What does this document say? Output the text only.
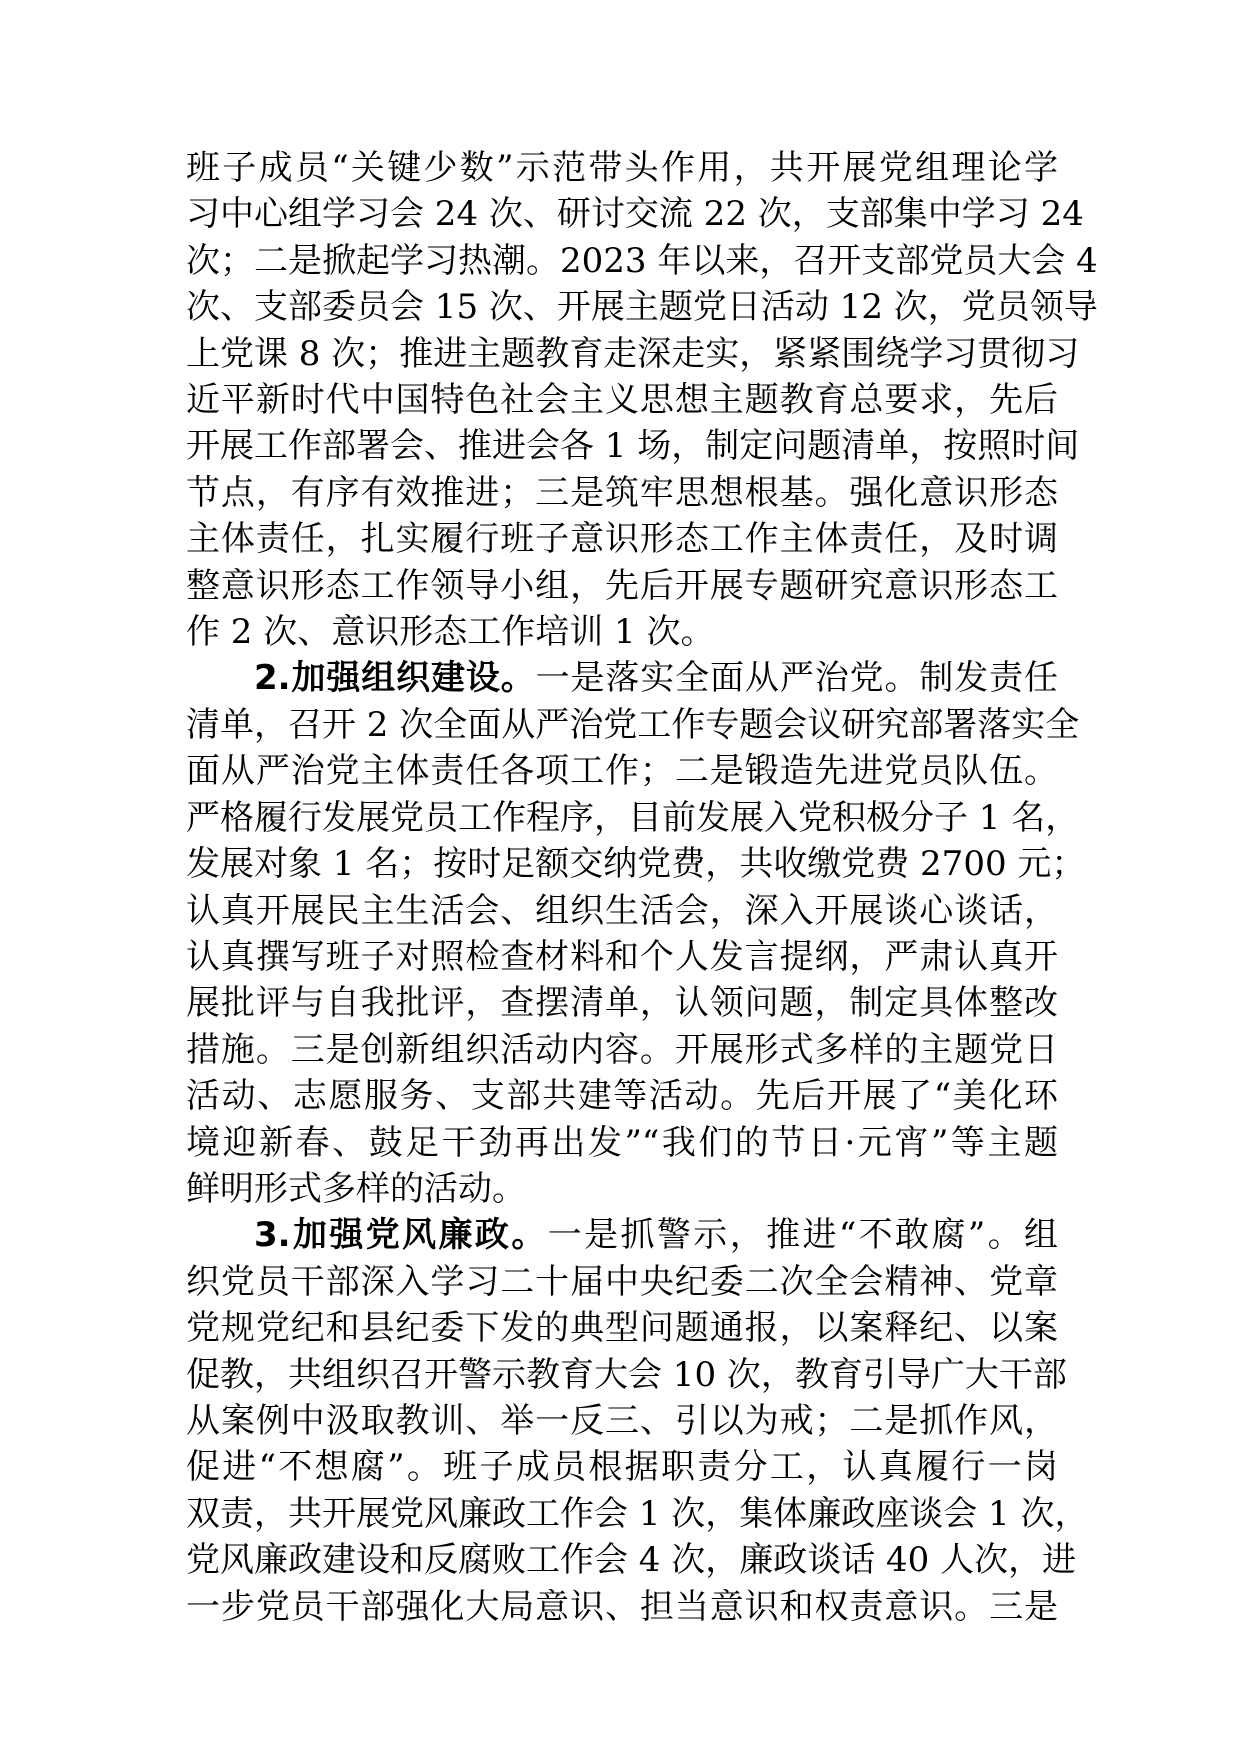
班子成员“关键少数”示范带头作用，共开展党组理论学
习中心组学习会 24 次、研讨交流 22 次，支部集中学习 24
次；二是掀起学习热潮。2023 年以来，召开支部党员大会 4
次、支部委员会 15 次、开展主题党日活动 12 次，党员领导
上党课 8 次；推进主题教育走深走实，紧紧围绕学习贯彻习
近平新时代中国特色社会主义思想主题教育总要求，先后
开展工作部署会、推进会各 1 场，制定问题清单，按照时间
节点，有序有效推进；三是筑牢思想根基。强化意识形态
主体责任，扎实履行班子意识形态工作主体责任，及时调
整意识形态工作领导小组，先后开展专题研究意识形态工
作 2 次、意识形态工作培训 1 次。
2.加强组织建设。一是落实全面从严治党。制发责任
清单，召开 2 次全面从严治党工作专题会议研究部署落实全
面从严治党主体责任各项工作；二是锻造先进党员队伍。
严格履行发展党员工作程序，目前发展入党积极分子 1 名，
发展对象 1 名；按时足额交纳党费，共收缴党费 2700 元；
认真开展民主生活会、组织生活会，深入开展谈心谈话，
认真撰写班子对照检查材料和个人发言提纲，严肃认真开
展批评与自我批评，查摆清单，认领问题，制定具体整改
措施。三是创新组织活动内容。开展形式多样的主题党日
活动、志愿服务、支部共建等活动。先后开展了“美化环
境迎新春、鼓足干劲再出发”“我们的节日·元宵”等主题
鲜明形式多样的活动。
3.加强党风廉政。一是抓警示，推进“不敢腐”。组
织党员干部深入学习二十届中央纪委二次全会精神、党章
党规党纪和县纪委下发的典型问题通报，以案释纪、以案
促教，共组织召开警示教育大会 10 次，教育引导广大干部
从案例中汲取教训、举一反三、引以为戒；二是抓作风，
促进“不想腐”。班子成员根据职责分工，认真履行一岗
双责，共开展党风廉政工作会 1 次，集体廉政座谈会 1 次，
党风廉政建设和反腐败工作会 4 次，廉政谈话 40 人次，进
一步党员干部强化大局意识、担当意识和权责意识。三是
